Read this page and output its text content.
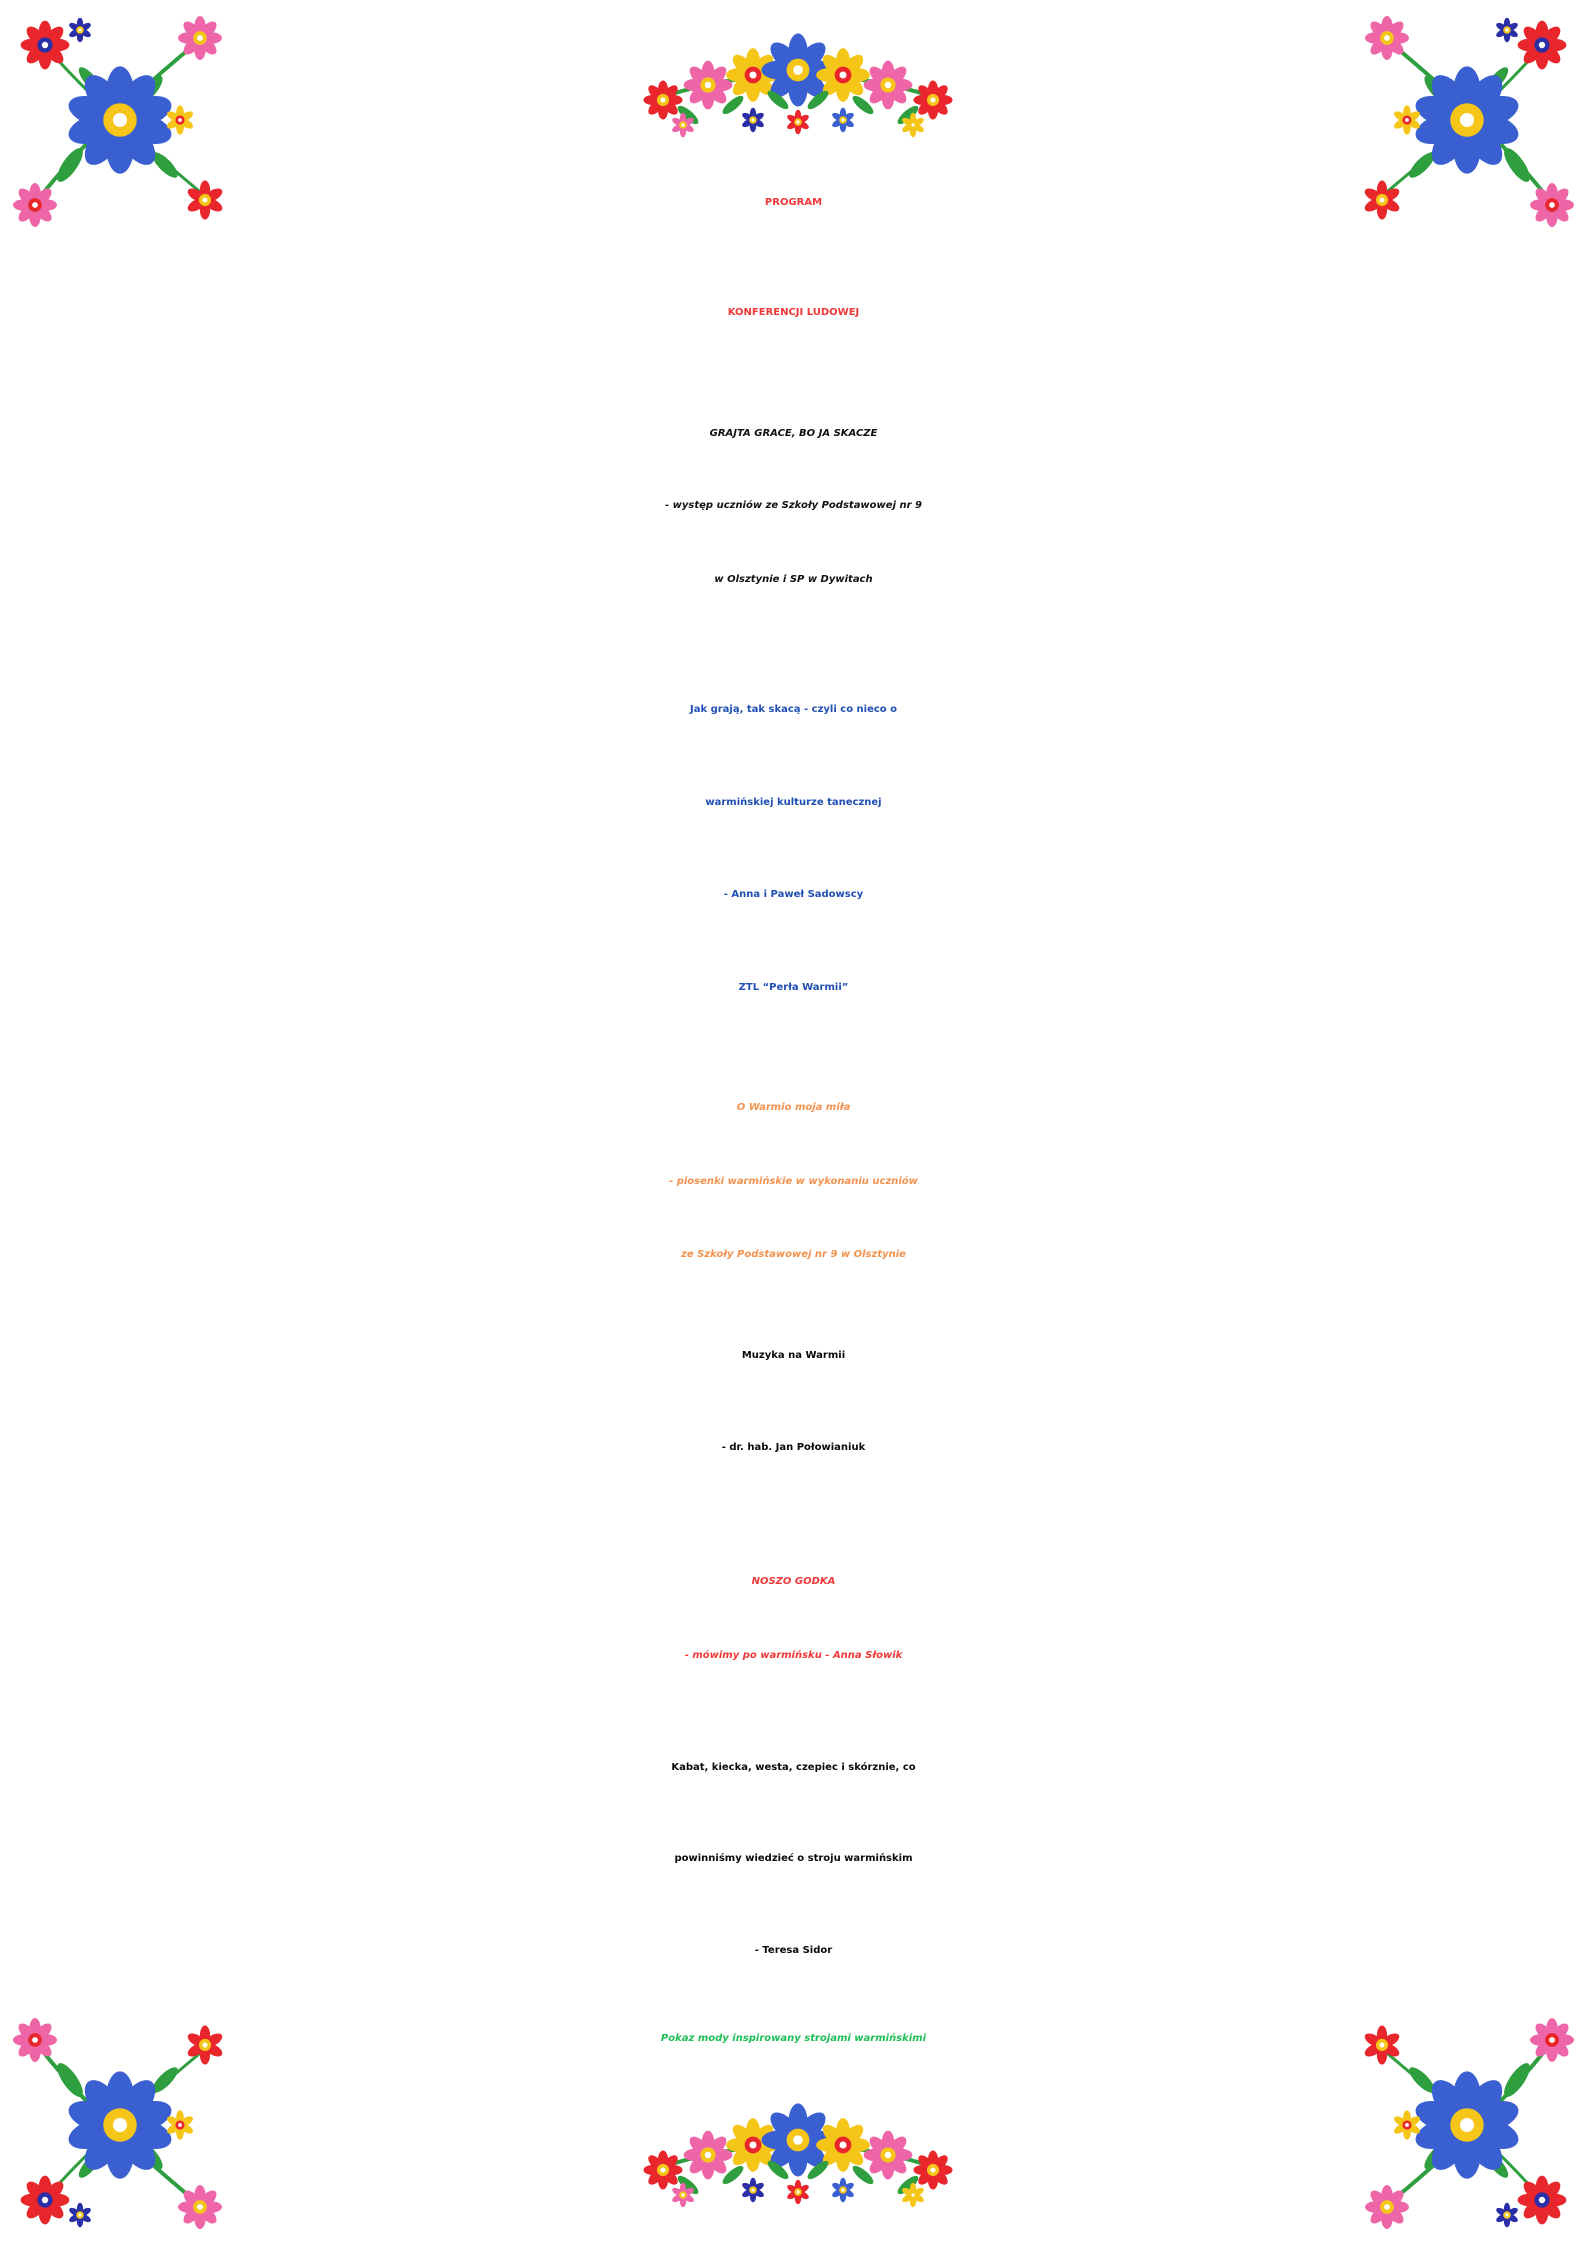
PROGRAM
KONFERENCJI LUDOWEJ
GRAJTA GRACE, BO JA SKACZE
- występ uczniów ze Szkoły Podstawowej nr 9
w Olsztynie i SP w Dywitach
Jak grają, tak skacą - czyli co nieco o
warmińskiej kulturze tanecznej
- Anna i Paweł Sadowscy
ZTL “Perła Warmii”
O Warmio moja miła
- piosenki warmińskie w wykonaniu uczniów
ze Szkoły Podstawowej nr 9 w Olsztynie
Muzyka na Warmii
- dr. hab. Jan Połowianiuk
NOSZO GODKA
- mówimy po warmińsku - Anna Słowik
Kabat, kiecka, westa, czepiec i skórznie, co
powinniśmy wiedzieć o stroju warmińskim
- Teresa Sidor
Pokaz mody inspirowany strojami warmińskimi
